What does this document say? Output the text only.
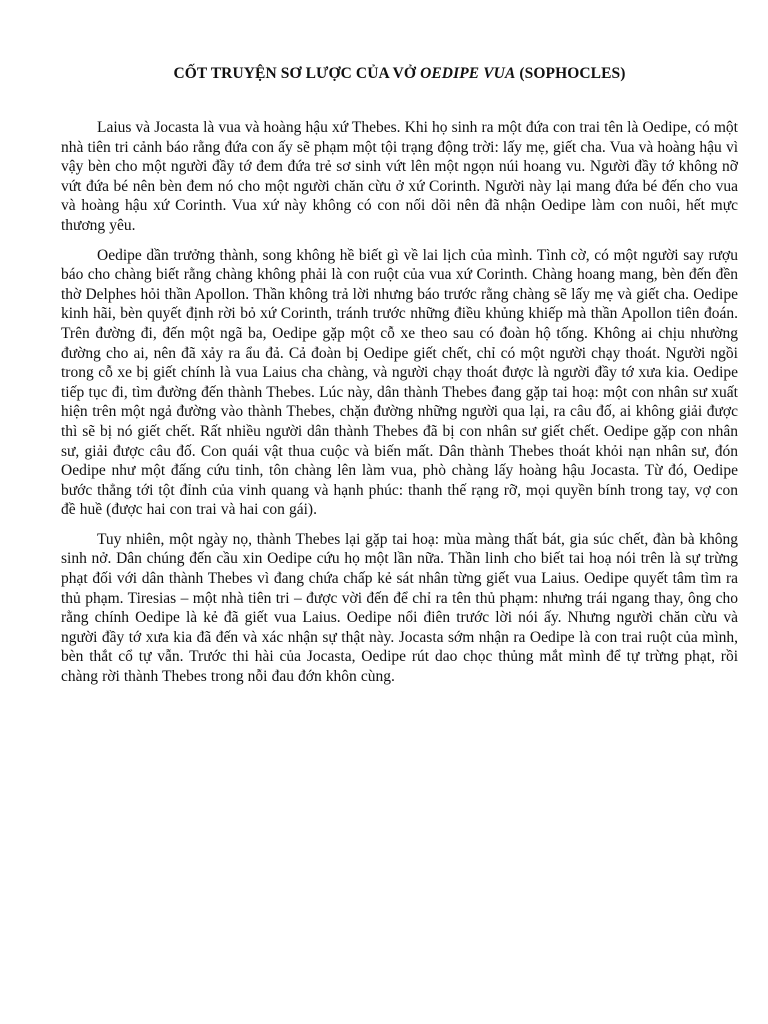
CỐT TRUYỆN SƠ LƯỢC CỦA VỞ OEDIPE VUA (SOPHOCLES)

Laius và Jocasta là vua và hoàng hậu xứ Thebes. Khi họ sinh ra một đứa con trai tên là Oedipe, có một nhà tiên tri cảnh báo rằng đứa con ấy sẽ phạm một tội trạng động trời: lấy mẹ, giết cha. Vua và hoàng hậu vì vậy bèn cho một người đầy tớ đem đứa trẻ sơ sinh vứt lên một ngọn núi hoang vu. Người đầy tớ không nỡ vứt đứa bé nên bèn đem nó cho một người chăn cừu ở xứ Corinth. Người này lại mang đứa bé đến cho vua và hoàng hậu xứ Corinth. Vua xứ này không có con nối dõi nên đã nhận Oedipe làm con nuôi, hết mực thương yêu.

Oedipe dần trưởng thành, song không hề biết gì về lai lịch của mình. Tình cờ, có một người say rượu báo cho chàng biết rằng chàng không phải là con ruột của vua xứ Corinth. Chàng hoang mang, bèn đến đền thờ Delphes hỏi thần Apollon. Thần không trả lời nhưng báo trước rằng chàng sẽ lấy mẹ và giết cha. Oedipe kinh hãi, bèn quyết định rời bỏ xứ Corinth, tránh trước những điều khủng khiếp mà thần Apollon tiên đoán. Trên đường đi, đến một ngã ba, Oedipe gặp một cỗ xe theo sau có đoàn hộ tống. Không ai chịu nhường đường cho ai, nên đã xảy ra ẩu đả. Cả đoàn bị Oedipe giết chết, chỉ có một người chạy thoát. Người ngồi trong cỗ xe bị giết chính là vua Laius cha chàng, và người chạy thoát được là người đầy tớ xưa kia. Oedipe tiếp tục đi, tìm đường đến thành Thebes. Lúc này, dân thành Thebes đang gặp tai hoạ: một con nhân sư xuất hiện trên một ngả đường vào thành Thebes, chặn đường những người qua lại, ra câu đố, ai không giải được thì sẽ bị nó giết chết. Rất nhiều người dân thành Thebes đã bị con nhân sư giết chết. Oedipe gặp con nhân sư, giải được câu đố. Con quái vật thua cuộc và biến mất. Dân thành Thebes thoát khỏi nạn nhân sư, đón Oedipe như một đấng cứu tinh, tôn chàng lên làm vua, phò chàng lấy hoàng hậu Jocasta. Từ đó, Oedipe bước thẳng tới tột đỉnh của vinh quang và hạnh phúc: thanh thế rạng rỡ, mọi quyền bính trong tay, vợ con đề huề (được hai con trai và hai con gái).

Tuy nhiên, một ngày nọ, thành Thebes lại gặp tai hoạ: mùa màng thất bát, gia súc chết, đàn bà không sinh nở. Dân chúng đến cầu xin Oedipe cứu họ một lần nữa. Thần linh cho biết tai hoạ nói trên là sự trừng phạt đối với dân thành Thebes vì đang chứa chấp kẻ sát nhân từng giết vua Laius. Oedipe quyết tâm tìm ra thủ phạm. Tiresias – một nhà tiên tri – được vời đến để chỉ ra tên thủ phạm: nhưng trái ngang thay, ông cho rằng chính Oedipe là kẻ đã giết vua Laius. Oedipe nổi điên trước lời nói ấy. Nhưng người chăn cừu và người đầy tớ xưa kia đã đến và xác nhận sự thật này. Jocasta sớm nhận ra Oedipe là con trai ruột của mình, bèn thắt cổ tự vẫn. Trước thi hài của Jocasta, Oedipe rút dao chọc thủng mắt mình để tự trừng phạt, rồi chàng rời thành Thebes trong nỗi đau đớn khôn cùng.
